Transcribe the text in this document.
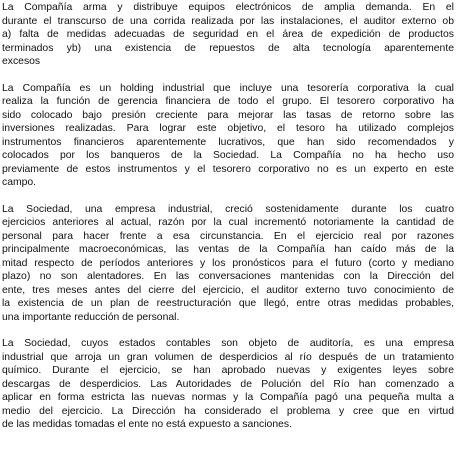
La Compañía arma y distribuye equipos electrónicos de amplia demanda. En el
durante el transcurso de una corrida realizada por las instalaciones, el auditor externo ob
a) falta de medidas adecuadas de seguridad en el área de expedición de productos
terminados yb) una existencia de repuestos de alta tecnología aparentemente
excesos
La Compañía es un holding industrial que incluye una tesorería corporativa la cual
realiza la función de gerencia financiera de todo el grupo. El tesorero corporativo ha
sido colocado bajo presión creciente para mejorar las tasas de retorno sobre las
inversiones realizadas. Para lograr este objetivo, el tesoro ha utilizado complejos
instrumentos financieros aparentemente lucrativos, que han sido recomendados y
colocados por los banqueros de la Sociedad. La Compañía no ha hecho uso
previamente de estos instrumentos y el tesorero corporativo no es un experto en este
campo.
La Sociedad, una empresa industrial, creció sostenidamente durante los cuatro
ejercicios anteriores al actual, razón por la cual incrementó notoriamente la cantidad de
personal para hacer frente a esa circunstancia. En el ejercicio real por razones
principalmente macroeconómicas, las ventas de la Compañía han caído más de la
mitad respecto de períodos anteriores y los pronósticos para el futuro (corto y mediano
plazo) no son alentadores. En las conversaciones mantenidas con la Dirección del
ente, tres meses antes del cierre del ejercicio, el auditor externo tuvo conocimiento de
la existencia de un plan de reestructuración que llegó, entre otras medidas probables,
una importante reducción de personal.
La Sociedad, cuyos estados contables son objeto de auditoría, es una empresa
industrial que arroja un gran volumen de desperdicios al río después de un tratamiento
químico. Durante el ejercicio, se han aprobado nuevas y exigentes leyes sobre
descargas de desperdicios. Las Autoridades de Polución del Río han comenzado a
aplicar en forma estricta las nuevas normas y la Compañía pagó una pequeña multa a
medio del ejercicio. La Dirección ha considerado el problema y cree que en virtud
de las medidas tomadas el ente no está expuesto a sanciones.
